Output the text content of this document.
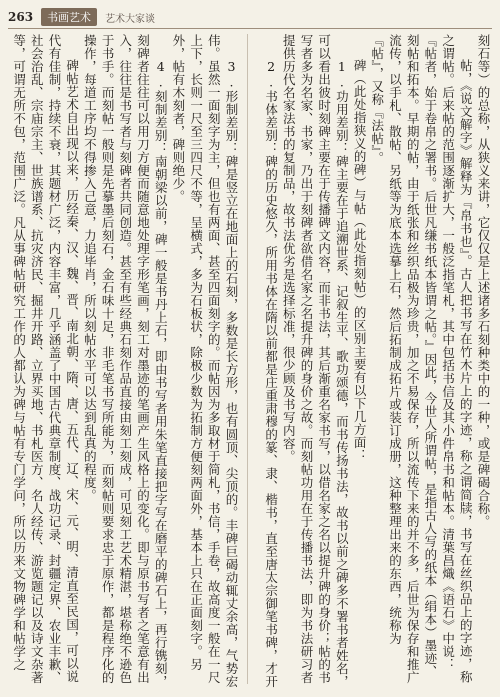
263	书画艺术	艺术大家谈

刻石等）的总称，从狭义来讲，它仅仅是上述诸多石刻种类中的一种，或是碑碣合称。

帖，《说文解字》解释为『帛书也』。古人把书写在竹木片上的字迹，称之谓简牍，书写在丝织品上的字迹，称之谓帖。后来帖的范围逐渐扩大，一般泛指笔札，其中包括书信及其小件帛书和帖本。清葉昌熾《语石》中说：『帖者，始于卷帛之署书。后世凡缣书纸本皆谓之帖。』因此，今世人所谓帖，是指古人写的纸本（绢本）墨迹、刻帖和拓本。早期的帖，由于纸张和丝织品极为珍贵，加之不易保存，所以流传下来的并不多，后世为保存和推广流传，以手札、散帖、另纸等为底本选摹上石，然后拓制成拓片或装订成册，这种整理出来的东西，统称为『帖』，又称『法帖』。

碑（此处指狭义的碑）与帖（此处指刻帖）的区别主要有以下几方面：

1.功用差别：碑主要在于追溯世系、记叙生平、歌功颂德，而书传扬书法，故书以前之碑多不署书者姓名，可以看出彼时刻碑主要在于传播碑文内容，而非书法，其后渐重名家书写，以借名家之名以提升碑的身价；帖的书写者多为名家、书家，乃出于刻碑者欲借名家之名提升碑的身价之故。而刻帖功用在于传播书法，即为书法研习者提供历代名家法书的复制品，故书法优劣是选择标准，很少顾及书写内容。

2.书体差别：碑的历史悠久，所用书体在隋以前都是庄重肃穆的篆、隶、楷书，直至唐太宗御笔书碑，才开

3.形制差别：碑是竖立在地面上的石刻，多数是长方形，也有圆顶、尖顶的。丰碑巨碣动辄丈余高，气势宏伟。虽然一面刻字为主，但也有两面、甚至四面刻字的。而帖因为多取材于简札，书信，手卷，故高度一般在一尺上下，长则一尺至三四尺不等，呈横式，多为石板状，除极少数为拓制方便刻两面外，基本上只在正面刻字。另外，帖有木刻者，碑则绝少。

4.刻制差别：南朝梁以前，碑一般是书丹上石，即由书写者用朱笔直接把字写在磨平的碑石上，再行镌刻，刻碑者往往可以用刀方便而随意地处理字形笔画，刻工对墨迹的笔画产生风格上的变化。即与原书写者之笔意有出入，往往是书写者与刻碑者共同创造。甚至有些经典石刻作品直接由刻工刻成，可见刻工艺术精湛，堪称绝不逊色于书手。而刻帖一般则是先摹墨后刻石，金石味十足，非毛笔书写所能为，而刻帖则要求忠于原作，都是程序化的操作，每道工序均不得掺入己意，力追毕肖，所以刻帖水平可以达到乱真的程度。

碑帖艺术自出现以来，历经秦、汉、魏、晋、南北朝、隋、唐、五代、辽、宋、元、明、清直至民国，可以说代有佳制，持续不衰，其题材广泛，内容丰富，几乎涵盖了中国古代典章制度、战功记录、封疆定界、农业丰歉、社会治乱、宗庙宗主、世族谱系、抗灾济民、掘井开路、立界买地、书札医方、名人经传、游览题记以及诗文杂著等，可谓无所不包，范围广泛。凡从事碑帖研究工作的人都认为碑与帖有专门学问，所以历来文物碑学和帖学之
